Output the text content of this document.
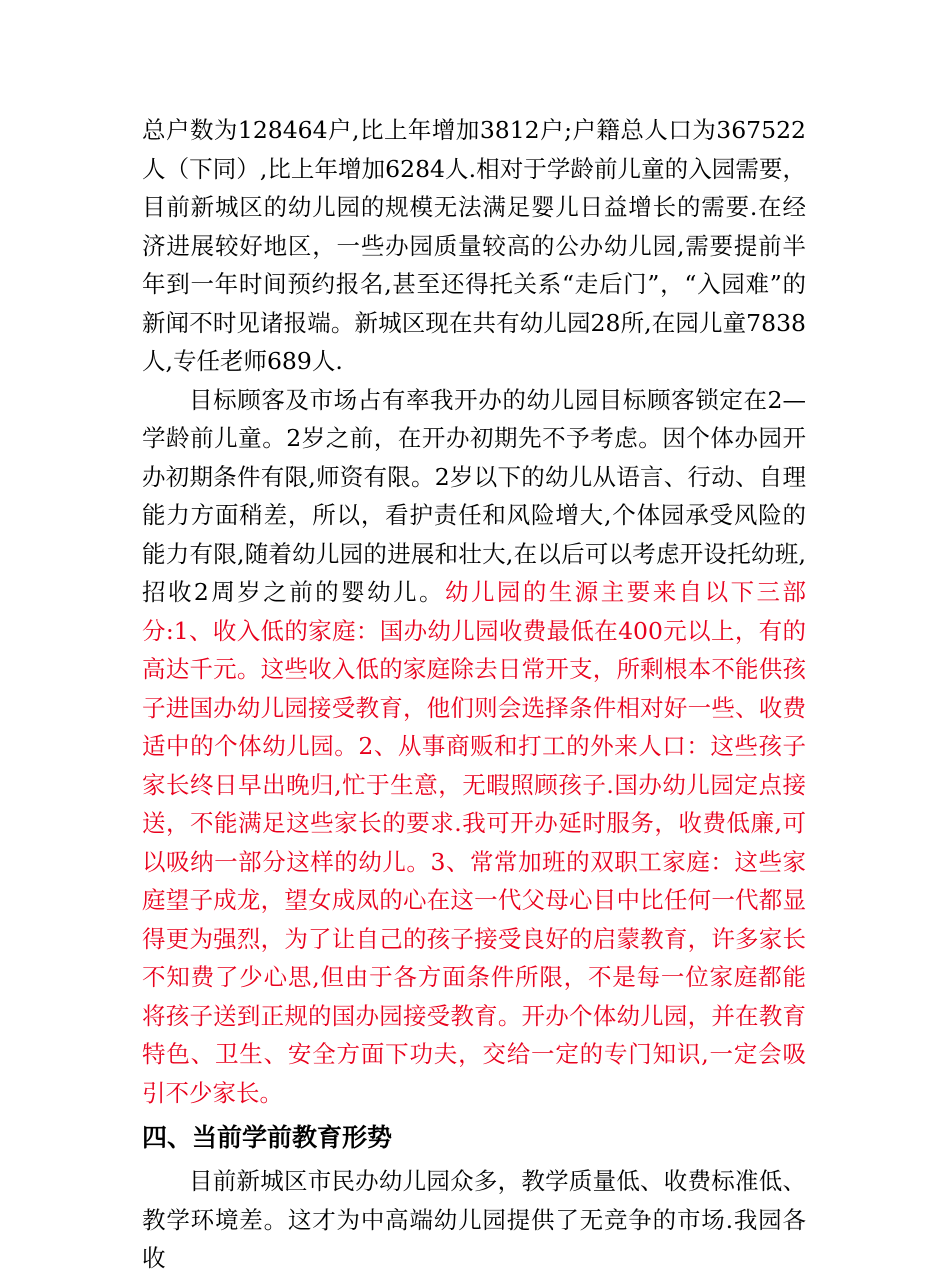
总户数为128464户,比上年增加3812户;户籍总人口为367522人（下同）,比上年增加6284人.相对于学龄前儿童的入园需要，目前新城区的幼儿园的规模无法满足婴儿日益增长的需要.在经济进展较好地区，一些办园质量较高的公办幼儿园,需要提前半年到一年时间预约报名,甚至还得托关系“走后门”，“入园难”的新闻不时见诸报端。新城区现在共有幼儿园28所,在园儿童7838人,专任老师689人.

目标顾客及市场占有率我开办的幼儿园目标顾客锁定在2—学龄前儿童。2岁之前，在开办初期先不予考虑。因个体办园开办初期条件有限,师资有限。2岁以下的幼儿从语言、行动、自理能力方面稍差，所以，看护责任和风险增大,个体园承受风险的能力有限,随着幼儿园的进展和壮大,在以后可以考虑开设托幼班,招收2周岁之前的婴幼儿。幼儿园的生源主要来自以下三部分:1、收入低的家庭：国办幼儿园收费最低在400元以上，有的高达千元。这些收入低的家庭除去日常开支，所剩根本不能供孩子进国办幼儿园接受教育，他们则会选择条件相对好一些、收费适中的个体幼儿园。2、从事商贩和打工的外来人口：这些孩子家长终日早出晚归,忙于生意，无暇照顾孩子.国办幼儿园定点接送，不能满足这些家长的要求.我可开办延时服务，收费低廉,可以吸纳一部分这样的幼儿。3、常常加班的双职工家庭：这些家庭望子成龙，望女成凤的心在这一代父母心目中比任何一代都显得更为强烈，为了让自己的孩子接受良好的启蒙教育，许多家长不知费了少心思,但由于各方面条件所限，不是每一位家庭都能将孩子送到正规的国办园接受教育。开办个体幼儿园，并在教育特色、卫生、安全方面下功夫，交给一定的专门知识,一定会吸引不少家长。

四、当前学前教育形势

目前新城区市民办幼儿园众多，教学质量低、收费标准低、教学环境差。这才为中高端幼儿园提供了无竞争的市场.我园各收
